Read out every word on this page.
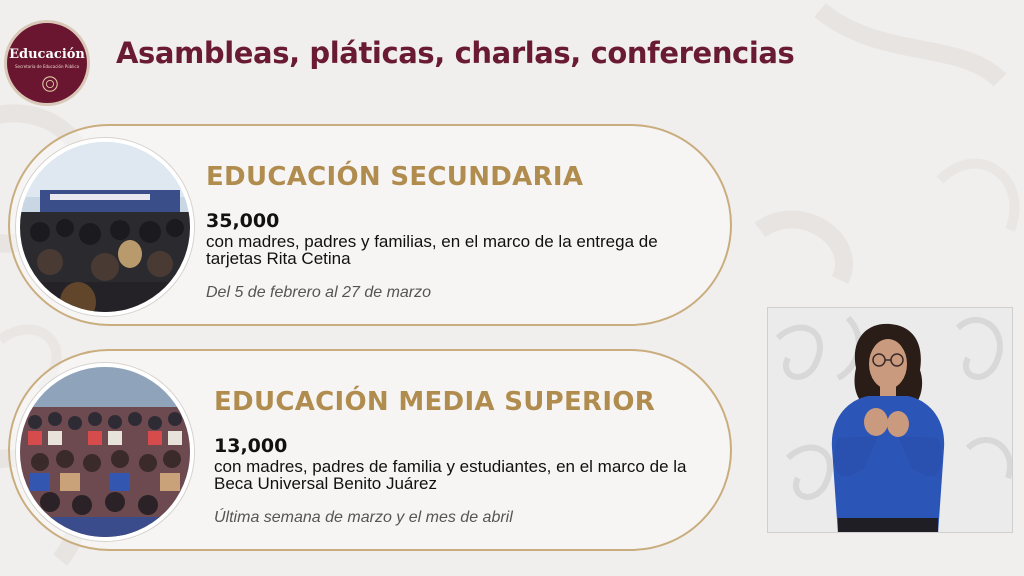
Educación
Secretaría de Educación Pública Asambleas, pláticas, charlas, conferencias
EDUCACIÓN SECUNDARIA
35,000
con madres, padres y familias, en el marco de la entrega de tarjetas Rita Cetina
Del 5 de febrero al 27 de marzo
EDUCACIÓN MEDIA SUPERIOR
13,000
con madres, padres de familia y estudiantes, en el marco de la Beca Universal Benito Juárez
Última semana de marzo y el mes de abril
